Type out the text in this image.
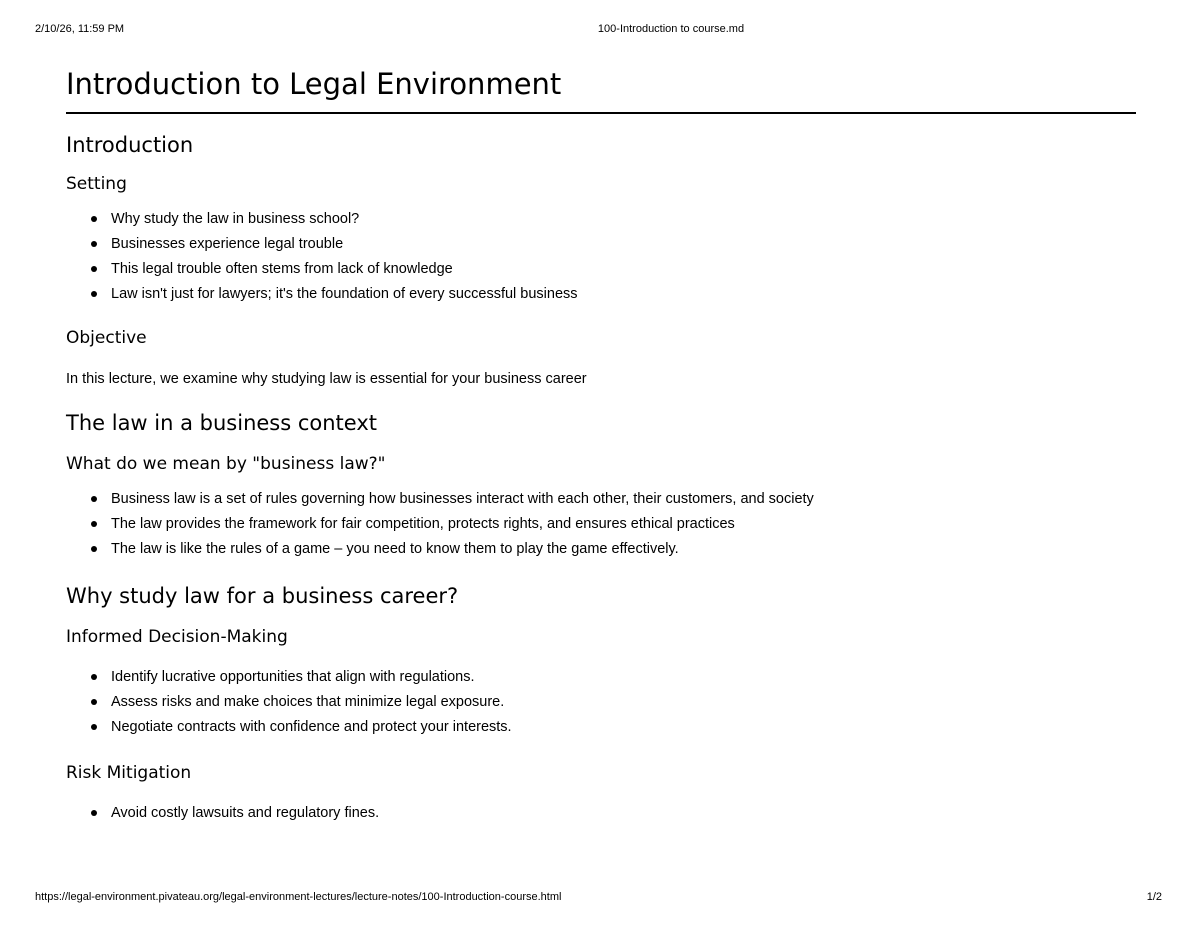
2/10/26, 11:59 PM	100-Introduction to course.md
Introduction to Legal Environment
Introduction
Setting
Why study the law in business school?
Businesses experience legal trouble
This legal trouble often stems from lack of knowledge
Law isn't just for lawyers; it's the foundation of every successful business
Objective

In this lecture, we examine why studying law is essential for your business career

The law in a business context
What do we mean by "business law?"
Business law is a set of rules governing how businesses interact with each other, their customers, and society
The law provides the framework for fair competition, protects rights, and ensures ethical practices
The law is like the rules of a game – you need to know them to play the game effectively.
Why study law for a business career?
Informed Decision-Making
Identify lucrative opportunities that align with regulations.
Assess risks and make choices that minimize legal exposure.
Negotiate contracts with confidence and protect your interests.
Risk Mitigation
Avoid costly lawsuits and regulatory fines.
https://legal-environment.pivateau.org/legal-environment-lectures/lecture-notes/100-Introduction-course.html	1/2
